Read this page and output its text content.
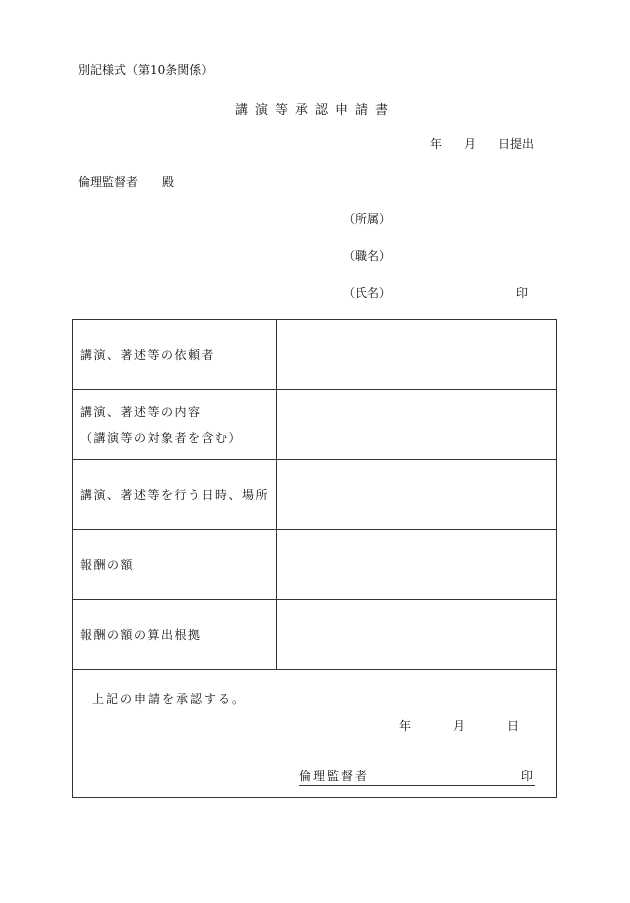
別記様式（第10条関係）
講演等承認申請書
年 月 日提出
倫理監督者 殿
（所属）
（職名）
（氏名）	印
講演、著述等の依頼者	
講演、著述等の内容
（講演等の対象者を含む）	
講演、著述等を行う日時、場所	
報酬の額	
報酬の額の算出根拠	

上記の申請を承認する。
年 月 日
倫理監督者 印	
